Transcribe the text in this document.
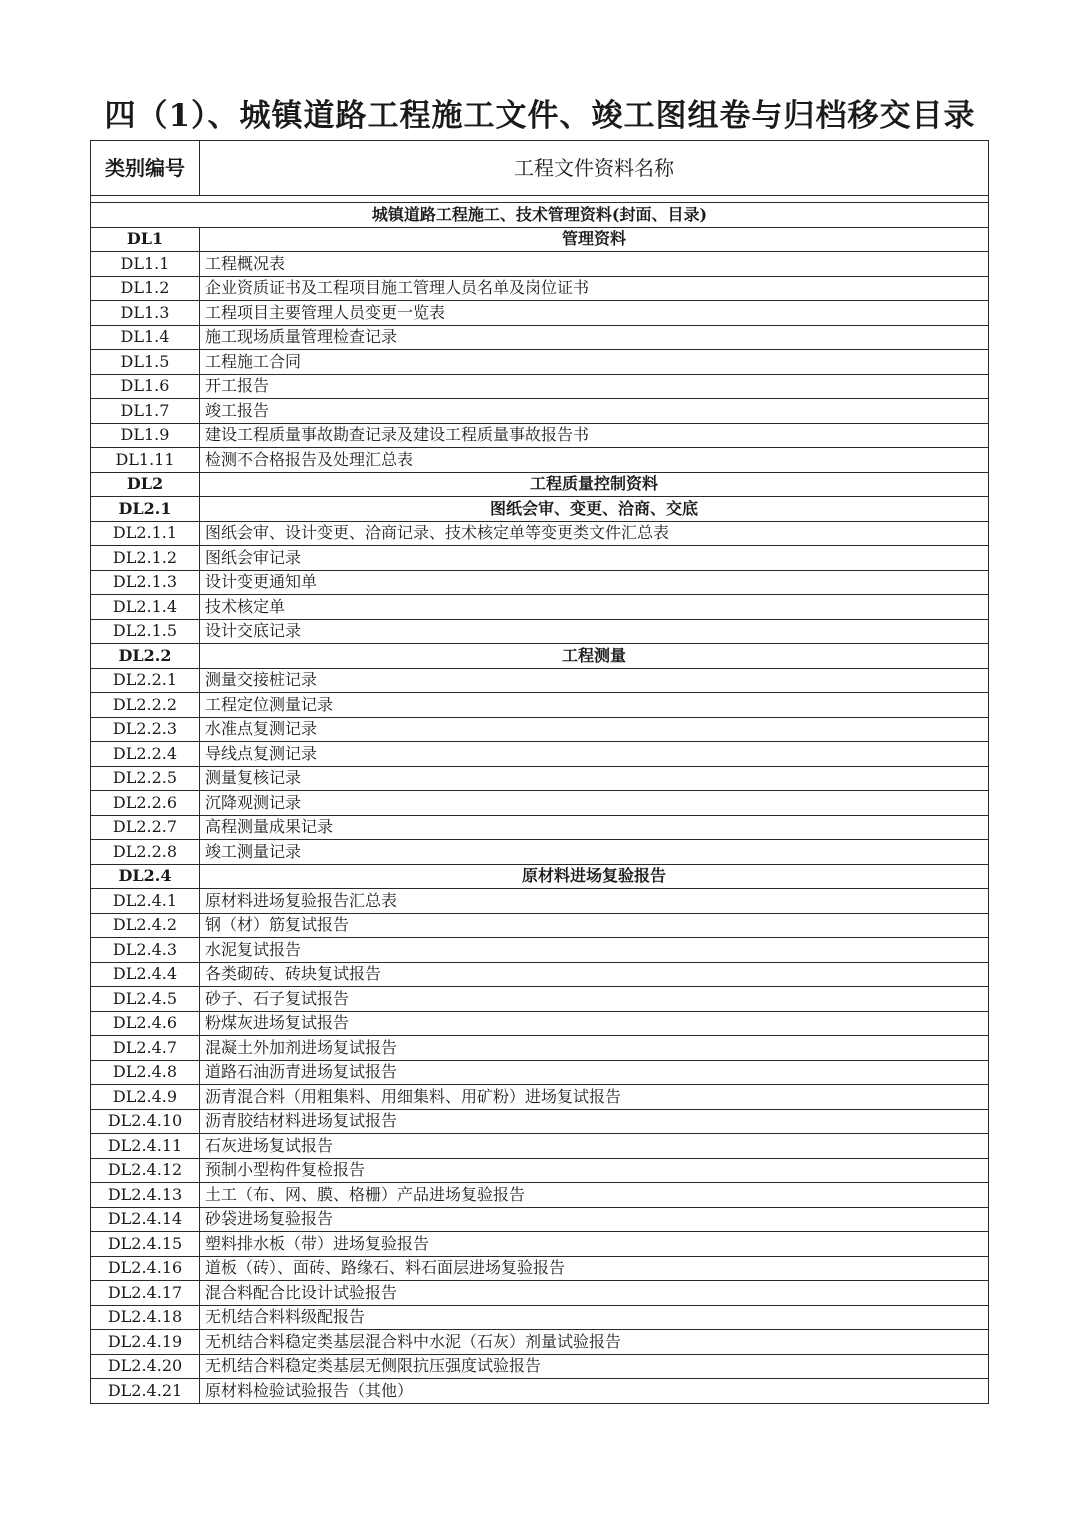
四（1）、城镇道路工程施工文件、竣工图组卷与归档移交目录
类别编号	工程文件资料名称

城镇道路工程施工、技术管理资料(封面、目录)	
DL1	管理资料
DL1.1	工程概况表
DL1.2	企业资质证书及工程项目施工管理人员名单及岗位证书
DL1.3	工程项目主要管理人员变更一览表
DL1.4	施工现场质量管理检查记录
DL1.5	工程施工合同
DL1.6	开工报告
DL1.7	竣工报告
DL1.9	建设工程质量事故勘查记录及建设工程质量事故报告书
DL1.11	检测不合格报告及处理汇总表
DL2	工程质量控制资料
DL2.1	图纸会审、变更、洽商、交底
DL2.1.1	图纸会审、设计变更、洽商记录、技术核定单等变更类文件汇总表
DL2.1.2	图纸会审记录
DL2.1.3	设计变更通知单
DL2.1.4	技术核定单
DL2.1.5	设计交底记录
DL2.2	工程测量
DL2.2.1	测量交接桩记录
DL2.2.2	工程定位测量记录
DL2.2.3	水准点复测记录
DL2.2.4	导线点复测记录
DL2.2.5	测量复核记录
DL2.2.6	沉降观测记录
DL2.2.7	高程测量成果记录
DL2.2.8	竣工测量记录
DL2.4	原材料进场复验报告
DL2.4.1	原材料进场复验报告汇总表
DL2.4.2	钢（材）筋复试报告
DL2.4.3	水泥复试报告
DL2.4.4	各类砌砖、砖块复试报告
DL2.4.5	砂子、石子复试报告
DL2.4.6	粉煤灰进场复试报告
DL2.4.7	混凝土外加剂进场复试报告
DL2.4.8	道路石油沥青进场复试报告
DL2.4.9	沥青混合料（用粗集料、用细集料、用矿粉）进场复试报告
DL2.4.10	沥青胶结材料进场复试报告
DL2.4.11	石灰进场复试报告
DL2.4.12	预制小型构件复检报告
DL2.4.13	土工（布、网、膜、格栅）产品进场复验报告
DL2.4.14	砂袋进场复验报告
DL2.4.15	塑料排水板（带）进场复验报告
DL2.4.16	道板（砖）、面砖、路缘石、料石面层进场复验报告
DL2.4.17	混合料配合比设计试验报告
DL2.4.18	无机结合料料级配报告
DL2.4.19	无机结合料稳定类基层混合料中水泥（石灰）剂量试验报告
DL2.4.20	无机结合料稳定类基层无侧限抗压强度试验报告
DL2.4.21	原材料检验试验报告（其他）
